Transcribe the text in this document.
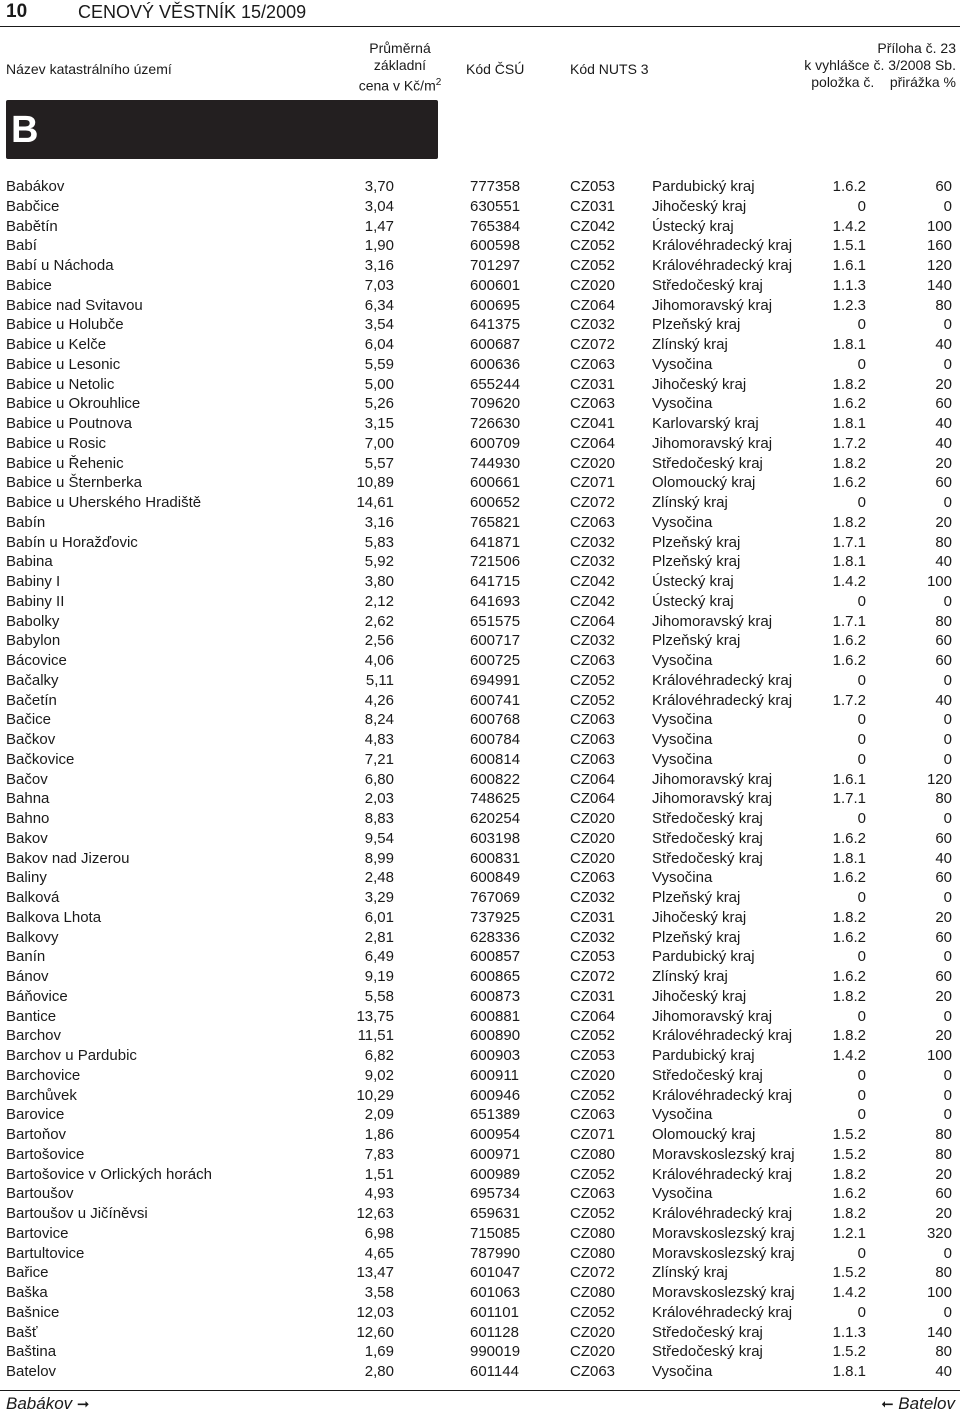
10	CENOVÝ VĚSTNÍK 15/2009
Název katastrálního území
Průměrná
základní
cena v $Kč/m^2$
Kód ČSÚ	Kód NUTS 3
Příloha č. 23
k vyhlášce č. 3/2008 Sb.
položka č. přirážka %
B
Babákov	3,70	777358	CZ053 Pardubický kraj	1.6.2	60
Babčice	3,04	630551	CZ031 Jihočeský kraj	0	0
Babětín	1,47	765384	CZ042 Ústecký kraj	1.4.2	100
Babí	1,90	600598	CZ052 Královéhradecký kraj	1.5.1	160
Babí u Náchoda	3,16	701297	CZ052 Královéhradecký kraj	1.6.1	120
Babice	7,03	600601	CZ020 Středočeský kraj	1.1.3	140
Babice nad Svitavou	6,34	600695	CZ064 Jihomoravský kraj	1.2.3	80
Babice u Holubče	3,54	641375	CZ032 Plzeňský kraj	0	0
Babice u Kelče	6,04	600687	CZ072 Zlínský kraj	1.8.1	40
Babice u Lesonic	5,59	600636	CZ063 Vysočina	0	0
Babice u Netolic	5,00	655244	CZ031 Jihočeský kraj	1.8.2	20
Babice u Okrouhlice	5,26	709620	CZ063 Vysočina	1.6.2	60
Babice u Poutnova	3,15	726630	CZ041 Karlovarský kraj	1.8.1	40
Babice u Rosic	7,00	600709	CZ064 Jihomoravský kraj	1.7.2	40
Babice u Řehenic	5,57	744930	CZ020 Středočeský kraj	1.8.2	20
Babice u Šternberka	10,89	600661	CZ071 Olomoucký kraj	1.6.2	60
Babice u Uherského Hradiště	14,61	600652	CZ072 Zlínský kraj	0	0
Babín	3,16	765821	CZ063 Vysočina	1.8.2	20
Babín u Horažďovic	5,83	641871	CZ032 Plzeňský kraj	1.7.1	80
Babina	5,92	721506	CZ032 Plzeňský kraj	1.8.1	40
Babiny I	3,80	641715	CZ042 Ústecký kraj	1.4.2	100
Babiny II	2,12	641693	CZ042 Ústecký kraj	0	0
Babolky	2,62	651575	CZ064 Jihomoravský kraj	1.7.1	80
Babylon	2,56	600717	CZ032 Plzeňský kraj	1.6.2	60
Bácovice	4,06	600725	CZ063 Vysočina	1.6.2	60
Bačalky	5,11	694991	CZ052 Královéhradecký kraj	0	0
Bačetín	4,26	600741	CZ052 Královéhradecký kraj	1.7.2	40
Bačice	8,24	600768	CZ063 Vysočina	0	0
Bačkov	4,83	600784	CZ063 Vysočina	0	0
Bačkovice	7,21	600814	CZ063 Vysočina	0	0
Bačov	6,80	600822	CZ064 Jihomoravský kraj	1.6.1	120
Bahna	2,03	748625	CZ064 Jihomoravský kraj	1.7.1	80
Bahno	8,83	620254	CZ020 Středočeský kraj	0	0
Bakov	9,54	603198	CZ020 Středočeský kraj	1.6.2	60
Bakov nad Jizerou	8,99	600831	CZ020 Středočeský kraj	1.8.1	40
Baliny	2,48	600849	CZ063 Vysočina	1.6.2	60
Balková	3,29	767069	CZ032 Plzeňský kraj	0	0
Balkova Lhota	6,01	737925	CZ031 Jihočeský kraj	1.8.2	20
Balkovy	2,81	628336	CZ032 Plzeňský kraj	1.6.2	60
Banín	6,49	600857	CZ053 Pardubický kraj	0	0
Bánov	9,19	600865	CZ072 Zlínský kraj	1.6.2	60
Báňovice	5,58	600873	CZ031 Jihočeský kraj	1.8.2	20
Bantice	13,75	600881	CZ064 Jihomoravský kraj	0	0
Barchov	11,51	600890	CZ052 Královéhradecký kraj	1.8.2	20
Barchov u Pardubic	6,82	600903	CZ053 Pardubický kraj	1.4.2	100
Barchovice	9,02	600911	CZ020 Středočeský kraj	0	0
Barchůvek	10,29	600946	CZ052 Královéhradecký kraj	0	0
Barovice	2,09	651389	CZ063 Vysočina	0	0
Bartoňov	1,86	600954	CZ071 Olomoucký kraj	1.5.2	80
Bartošovice	7,83	600971	CZ080 Moravskoslezský kraj	1.5.2	80
Bartošovice v Orlických horách	1,51	600989	CZ052 Královéhradecký kraj	1.8.2	20
Bartoušov	4,93	695734	CZ063 Vysočina	1.6.2	60
Bartoušov u Jičíněvsi	12,63	659631	CZ052 Královéhradecký kraj	1.8.2	20
Bartovice	6,98	715085	CZ080 Moravskoslezský kraj	1.2.1	320
Bartultovice	4,65	787990	CZ080 Moravskoslezský kraj	0	0
Bařice	13,47	601047	CZ072 Zlínský kraj	1.5.2	80
Baška	3,58	601063	CZ080 Moravskoslezský kraj	1.4.2	100
Bašnice	12,03	601101	CZ052 Královéhradecký kraj	0	0
Bašť	12,60	601128	CZ020 Středočeský kraj	1.1.3	140
Baština	1,69	990019	CZ020 Středočeský kraj	1.5.2	80
Batelov	2,80	601144	CZ063 Vysočina	1.8.1	40
Babákov ➞	➞ Batelov
